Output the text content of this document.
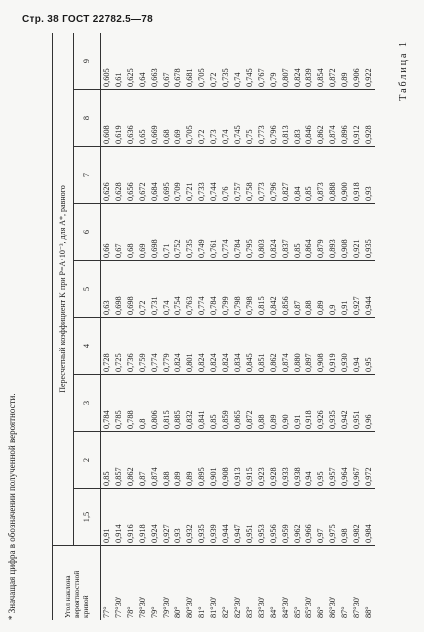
Стр. 38 ГОСТ 22782.5—78
Таблица 1
Угол наклона вероятностной кривой	Пересчетный коэффициент K при P=A·10⁻³, для A*, равного								
	1,5	2	3	4	5	6	7	8	9
77°	0,91	0,85	0,784	0,728	0,63	0,66	0,626	0,608	0,605
77°30'	0,914	0,857	0,785	0,725	0,698	0,67	0,628	0,619	0,61
78°	0,916	0,862	0,788	0,736	0,698	0,68	0,656	0,636	0,625
78°30'	0,918	0,87	0,8	0,759	0,72	0,69	0,672	0,65	0,64
79°	0,924	0,874	0,806	0,774	0,731	0,698	0,684	0,669	0,663
79°30'	0,927	0,88	0,815	0,779	0,74	0,71	0,695	0,68	0,67
80°	0,93	0,89	0,885	0,824	0,754	0,752	0,709	0,69	0,678
80°30'	0,932	0,89	0,832	0,801	0,763	0,735	0,721	0,705	0,681
81°	0,935	0,895	0,841	0,824	0,774	0,749	0,733	0,72	0,705
81°30'	0,939	0,901	0,85	0,824	0,784	0,761	0,744	0,73	0,72
82°	0,944	0,908	0,859	0,824	0,799	0,774	0,76	0,74	0,735
82°30'	0,947	0,913	0,865	0,834	0,798	0,784	0,757	0,745	0,74
83°	0,951	0,915	0,872	0,845	0,798	0,795	0,758	0,75	0,745
83°30'	0,953	0,923	0,88	0,851	0,815	0,803	0,773	0,773	0,767
84°	0,956	0,928	0,89	0,862	0,842	0,824	0,796	0,796	0,79
84°30'	0,959	0,933	0,90	0,874	0,856	0,837	0,827	0,813	0,807
85°	0,962	0,938	0,91	0,880	0,87	0,85	0,84	0,83	0,824
85°30'	0,966	0,94	0,918	0,897	0,88	0,864	0,85	0,846	0,839
86°	0,97	0,95	0,926	0,908	0,89	0,879	0,873	0,862	0,854
86°30'	0,975	0,957	0,935	0,919	0,9	0,893	0,888	0,874	0,872
87°	0,98	0,964	0,942	0,930	0,91	0,908	0,900	0,896	0,89
87°30'	0,982	0,967	0,951	0,94	0,927	0,921	0,918	0,912	0,906
88°	0,984	0,972	0,96	0,95	0,944	0,935	0,93	0,928	0,922
* Значащая цифра в обозначении полученной вероятности.
